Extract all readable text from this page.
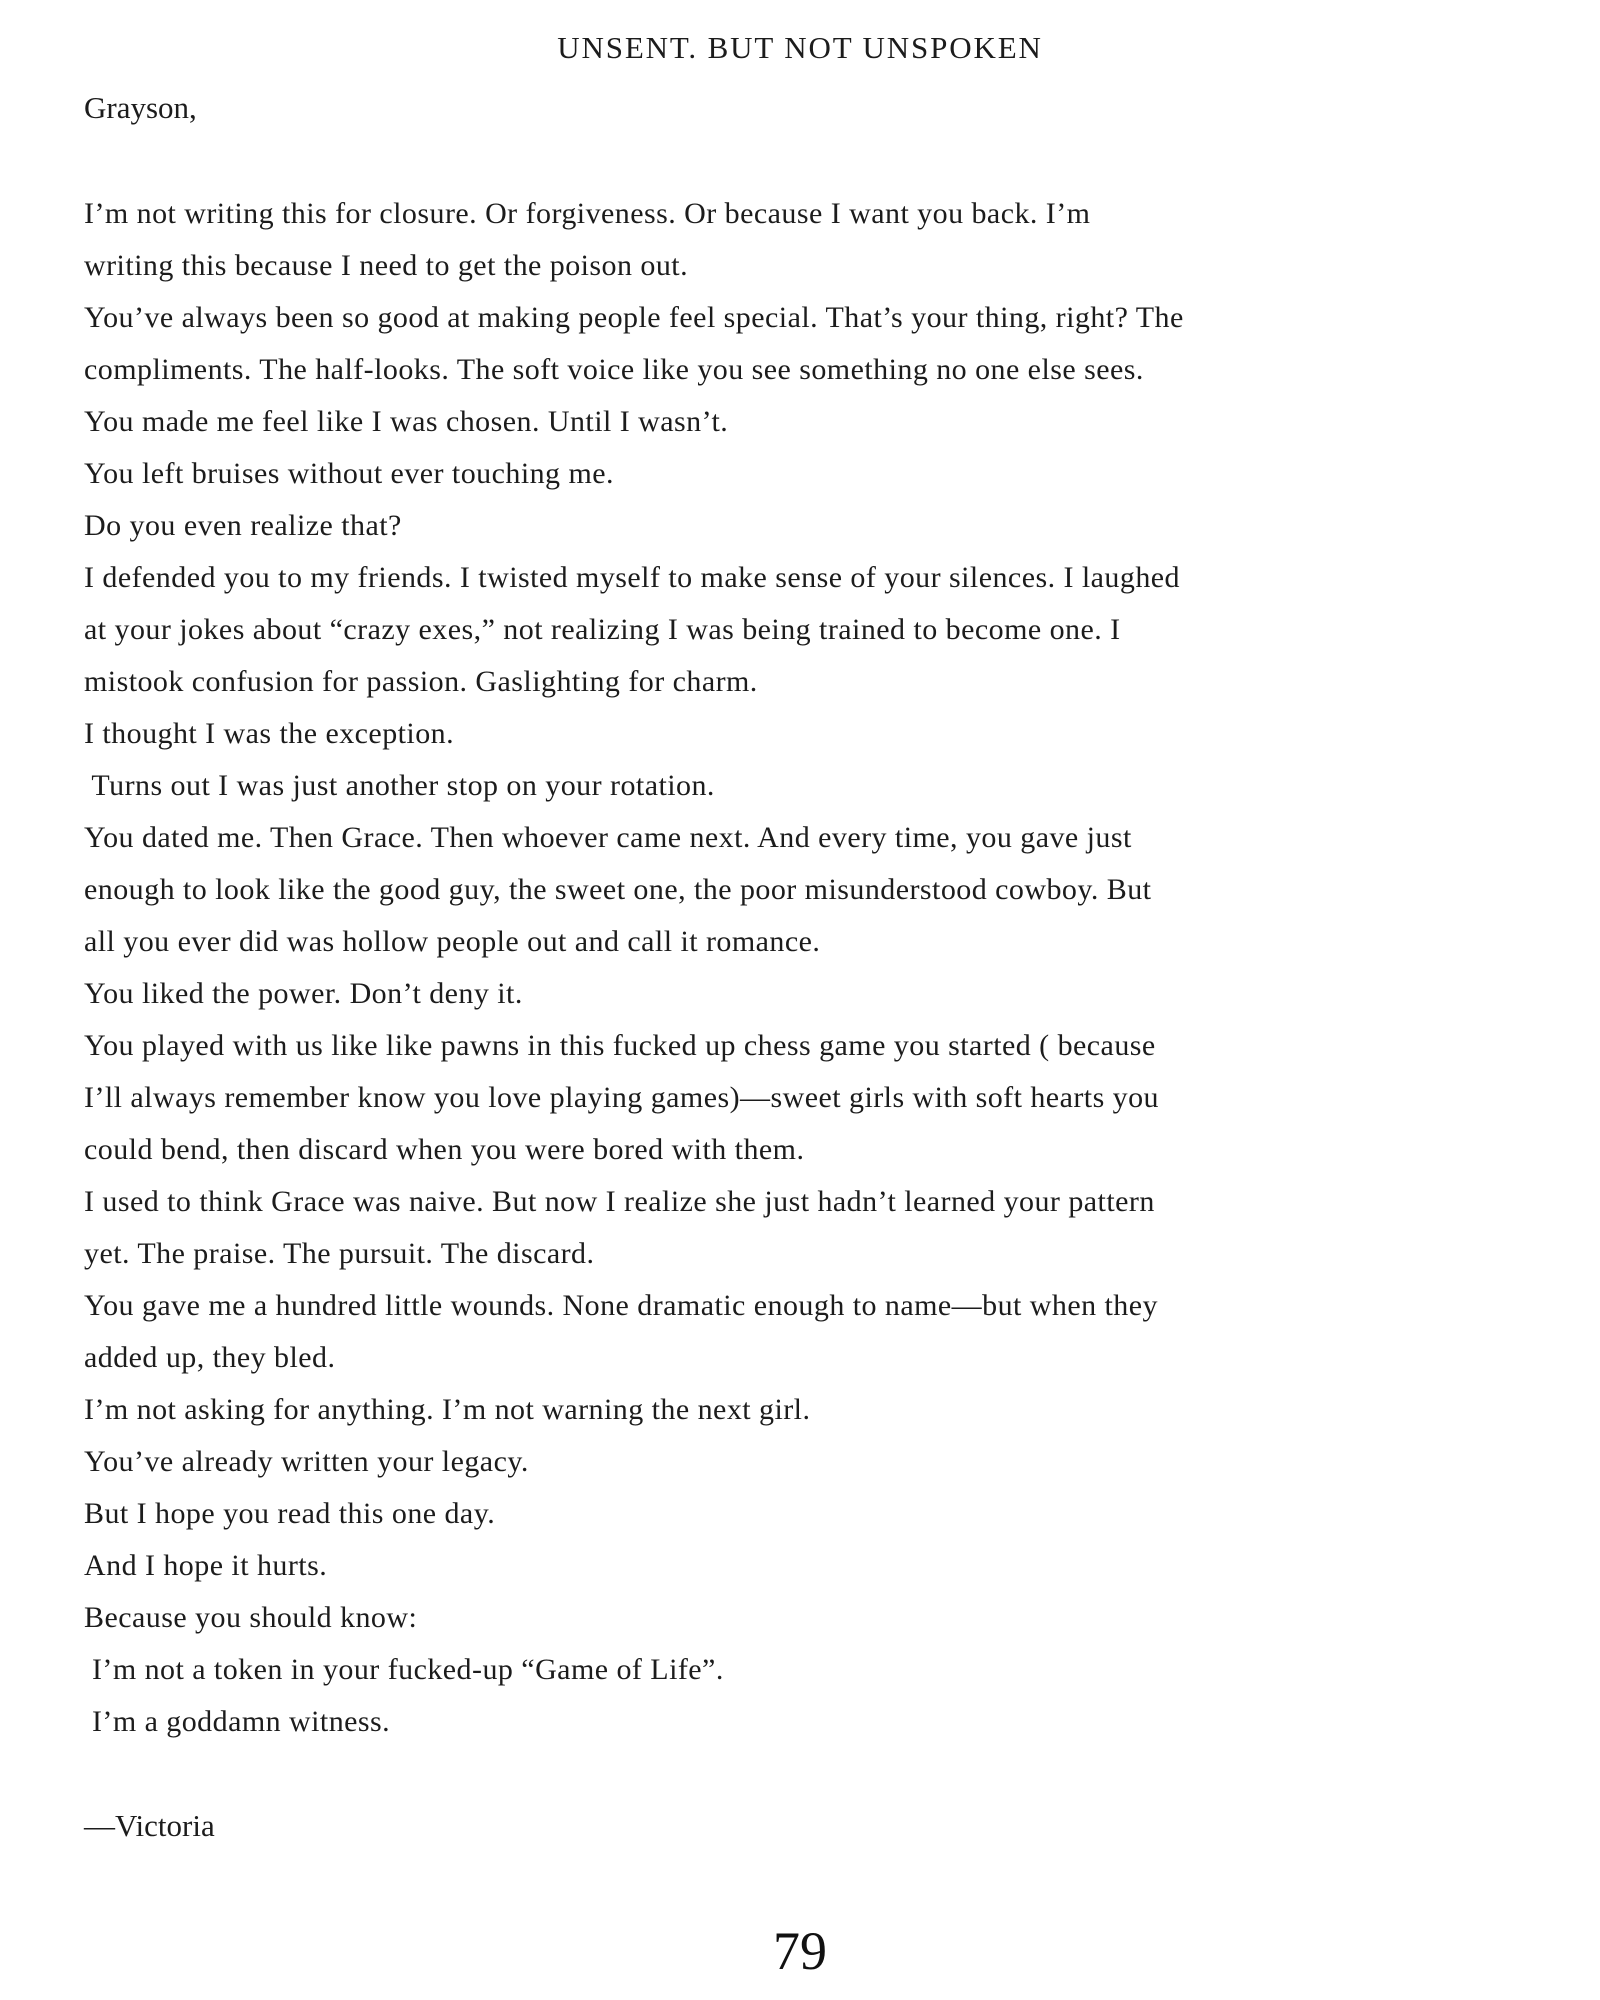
UNSENT. BUT NOT UNSPOKEN
Grayson,
I’m not writing this for closure. Or forgiveness. Or because I want you back. I’m
writing this because I need to get the poison out.
You’ve always been so good at making people feel special. That’s your thing, right? The
compliments. The half-looks. The soft voice like you see something no one else sees.
You made me feel like I was chosen. Until I wasn’t.
You left bruises without ever touching me.
Do you even realize that?
I defended you to my friends. I twisted myself to make sense of your silences. I laughed
at your jokes about “crazy exes,” not realizing I was being trained to become one. I
mistook confusion for passion. Gaslighting for charm.
I thought I was the exception.
Turns out I was just another stop on your rotation.
You dated me. Then Grace. Then whoever came next. And every time, you gave just
enough to look like the good guy, the sweet one, the poor misunderstood cowboy. But
all you ever did was hollow people out and call it romance.
You liked the power. Don’t deny it.
You played with us like like pawns in this fucked up chess game you started ( because
I’ll always remember know you love playing games)—sweet girls with soft hearts you
could bend, then discard when you were bored with them.
I used to think Grace was naive. But now I realize she just hadn’t learned your pattern
yet. The praise. The pursuit. The discard.
You gave me a hundred little wounds. None dramatic enough to name—but when they
added up, they bled.
I’m not asking for anything. I’m not warning the next girl.
You’ve already written your legacy.
But I hope you read this one day.
And I hope it hurts.
Because you should know:
I’m not a token in your fucked-up “Game of Life”.
I’m a goddamn witness.
—Victoria
79
